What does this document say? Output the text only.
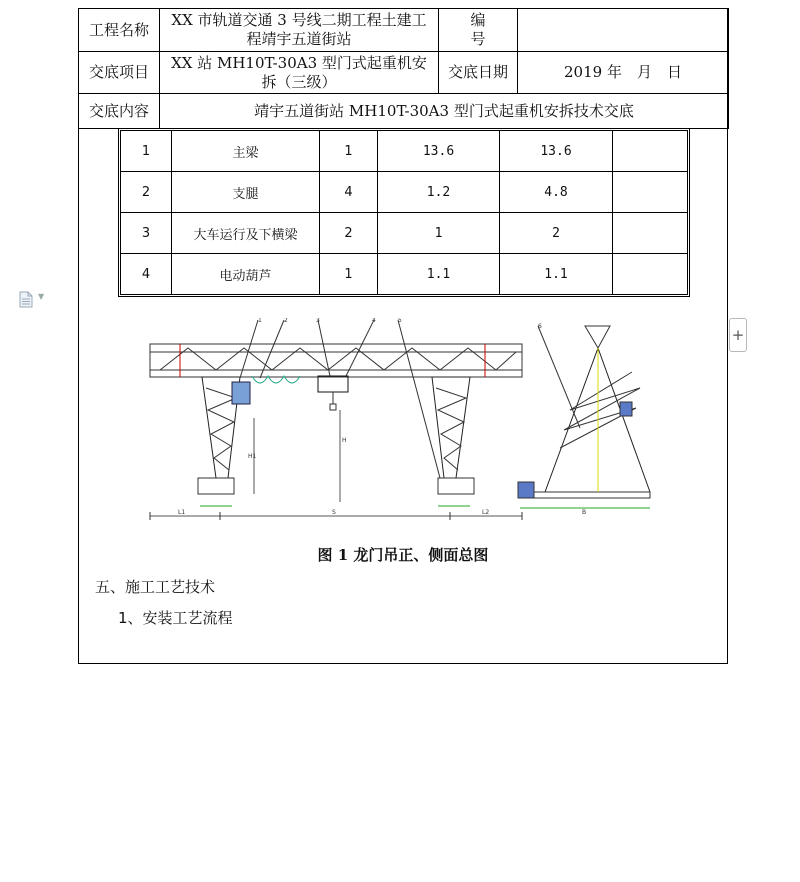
▼
工程名称	XX 市轨道交通 3 号线二期工程土建工程靖宇五道街站	编 号	
交底项目	XX 站 MH10T-30A3 型门式起重机安拆（三级）	交底日期	2019 年　月　日
交底内容	靖宇五道街站 MH10T-30A3 型门式起重机安拆技术交底		
1	主梁	1	13.6	13.6	
2	支腿	4	1.2	4.8	
3	大车运行及下横梁	2	1	2	
4	电动葫芦	1	1.1	1.1	
L1	S	L2
H
H1
B
1	2	3	4	5
6
图 1 龙门吊正、侧面总图
五、施工工艺技术
1、安装工艺流程
+
